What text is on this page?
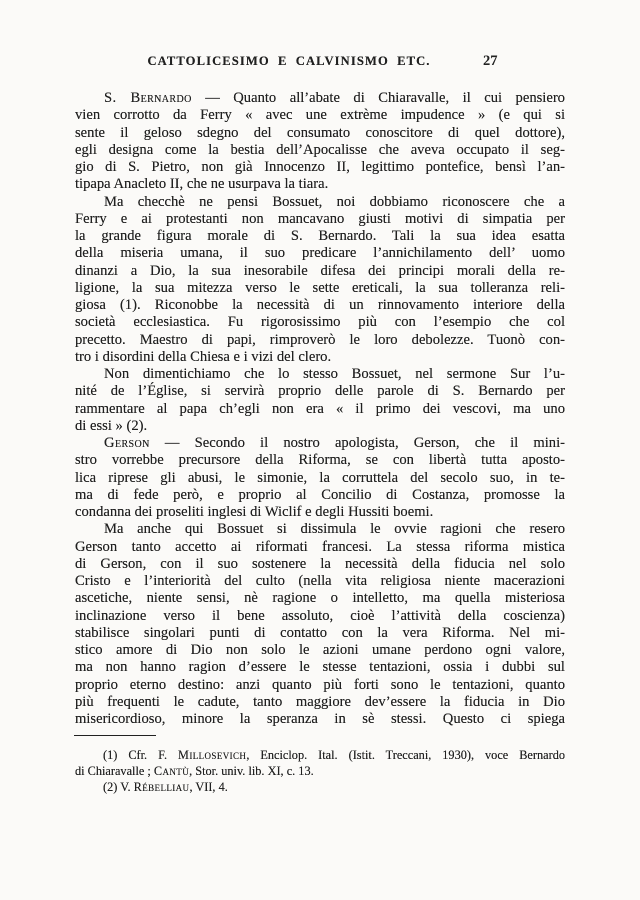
CATTOLICESIMO E CALVINISMO ETC.	27
S. Bernardo — Quanto all’abate di Chiaravalle, il cui pensiero
vien corrotto da Ferry « avec une extrème impudence » (e qui si
sente il geloso sdegno del consumato conoscitore di quel dottore),
egli designa come la bestia dell’Apocalisse che aveva occupato il seg-
gio di S. Pietro, non già Innocenzo II, legittimo pontefice, bensì l’an-
tipapa Anacleto II, che ne usurpava la tiara.
Ma checchè ne pensi Bossuet, noi dobbiamo riconoscere che a
Ferry e ai protestanti non mancavano giusti motivi di simpatia per
la grande figura morale di S. Bernardo. Tali la sua idea esatta
della miseria umana, il suo predicare l’annichilamento dell’ uomo
dinanzi a Dio, la sua inesorabile difesa dei principi morali della re-
ligione, la sua mitezza verso le sette ereticali, la sua tolleranza reli-
giosa (1). Riconobbe la necessità di un rinnovamento interiore della
società ecclesiastica. Fu rigorosissimo più con l’esempio che col
precetto. Maestro di papi, rimproverò le loro debolezze. Tuonò con-
tro i disordini della Chiesa e i vizi del clero.
Non dimentichiamo che lo stesso Bossuet, nel sermone Sur l’u-
nité de l’Église, si servirà proprio delle parole di S. Bernardo per
rammentare al papa ch’egli non era « il primo dei vescovi, ma uno
di essi » (2).
Gerson — Secondo il nostro apologista, Gerson, che il mini-
stro vorrebbe precursore della Riforma, se con libertà tutta aposto-
lica riprese gli abusi, le simonie, la corruttela del secolo suo, in te-
ma di fede però, e proprio al Concilio di Costanza, promosse la
condanna dei proseliti inglesi di Wiclif e degli Hussiti boemi.
Ma anche qui Bossuet si dissimula le ovvie ragioni che resero
Gerson tanto accetto ai riformati francesi. La stessa riforma mistica
di Gerson, con il suo sostenere la necessità della fiducia nel solo
Cristo e l’interiorità del culto (nella vita religiosa niente macerazioni
ascetiche, niente sensi, nè ragione o intelletto, ma quella misteriosa
inclinazione verso il bene assoluto, cioè l’attività della coscienza)
stabilisce singolari punti di contatto con la vera Riforma. Nel mi-
stico amore di Dio non solo le azioni umane perdono ogni valore,
ma non hanno ragion d’essere le stesse tentazioni, ossia i dubbi sul
proprio eterno destino: anzi quanto più forti sono le tentazioni, quanto
più frequenti le cadute, tanto maggiore dev’essere la fiducia in Dio
misericordioso, minore la speranza in sè stessi. Questo ci spiega
(1) Cfr. F. Millosevich, Enciclop. Ital. (Istit. Treccani, 1930), voce Bernardo
di Chiaravalle ; Cantù, Stor. univ. lib. XI, c. 13.
(2) V. Rébelliau, VII, 4.
